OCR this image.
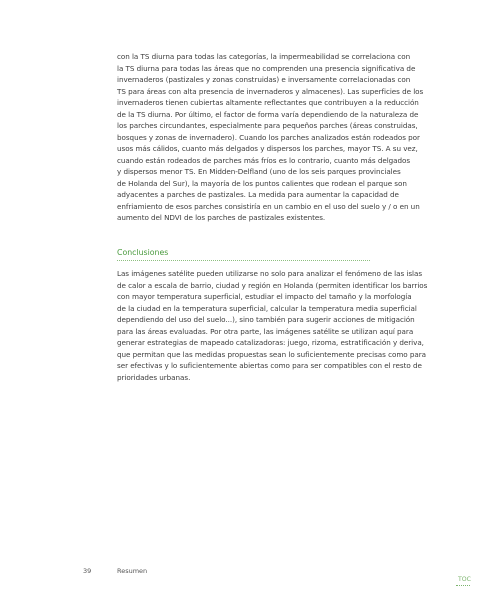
con la TS diurna para todas las categorías, la impermeabilidad se correlaciona con
la TS diurna para todas las áreas que no comprenden una presencia significativa de
invernaderos (pastizales y zonas construidas) e inversamente correlacionadas con
TS para áreas con alta presencia de invernaderos y almacenes). Las superficies de los
invernaderos tienen cubiertas altamente reflectantes que contribuyen a la reducción
de la TS diurna. Por último, el factor de forma varía dependiendo de la naturaleza de
los parches circundantes, especialmente para pequeños parches (áreas construidas,
bosques y zonas de invernadero). Cuando los parches analizados están rodeados por
usos más cálidos, cuanto más delgados y dispersos los parches, mayor TS. A su vez,
cuando están rodeados de parches más fríos es lo contrario, cuanto más delgados
y dispersos menor TS. En Midden-Delfland (uno de los seis parques provinciales
de Holanda del Sur), la mayoría de los puntos calientes que rodean el parque son
adyacentes a parches de pastizales. La medida para aumentar la capacidad de
enfriamiento de esos parches consistiría en un cambio en el uso del suelo y / o en un
aumento del NDVI de los parches de pastizales existentes.
Conclusiones
Las imágenes satélite pueden utilizarse no solo para analizar el fenómeno de las islas
de calor a escala de barrio, ciudad y región en Holanda (permiten identificar los barrios
con mayor temperatura superficial, estudiar el impacto del tamaño y la morfología
de la ciudad en la temperatura superficial, calcular la temperatura media superficial
dependiendo del uso del suelo...), sino también para sugerir acciones de mitigación
para las áreas evaluadas. Por otra parte, las imágenes satélite se utilizan aquí para
generar estrategias de mapeado catalizadoras: juego, rizoma, estratificación y deriva,
que permitan que las medidas propuestas sean lo suficientemente precisas como para
ser efectivas y lo suficientemente abiertas como para ser compatibles con el resto de
prioridades urbanas.
39	Resumen
TOC
